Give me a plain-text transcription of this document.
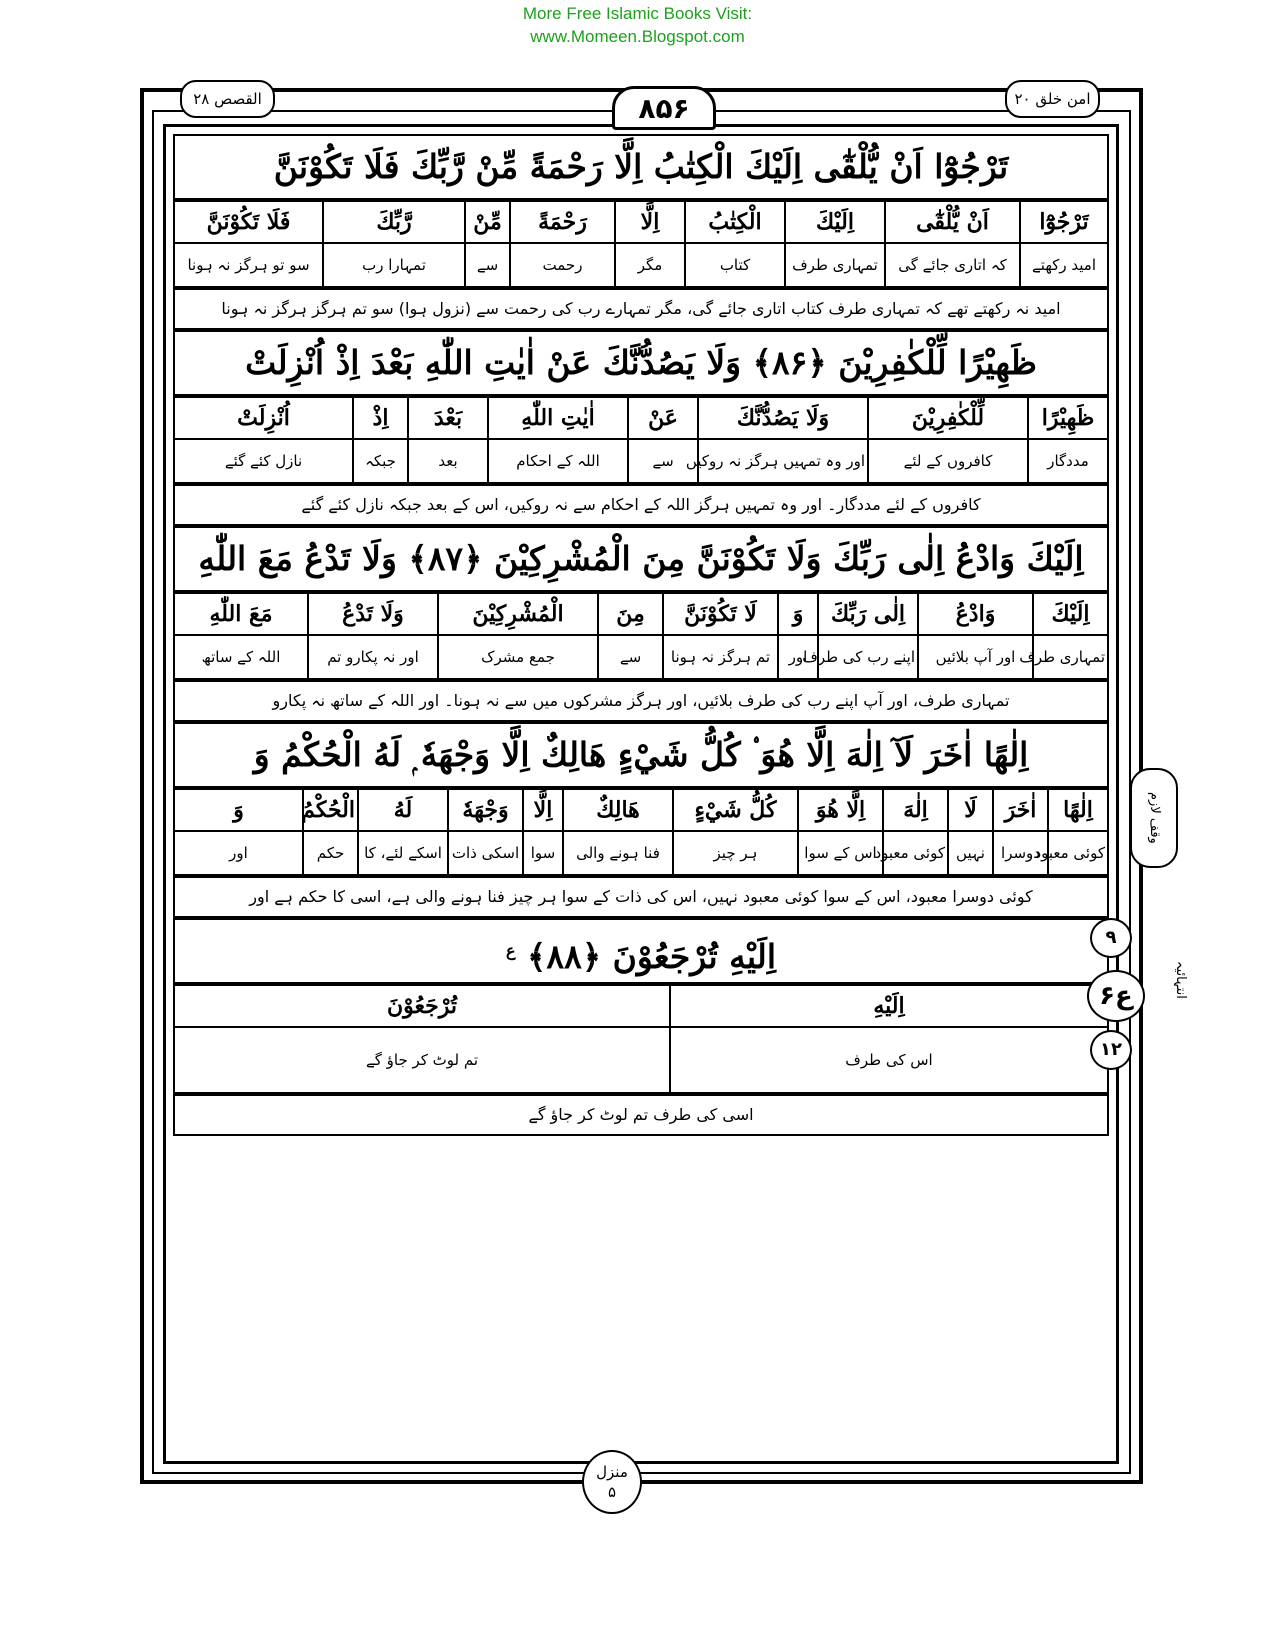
More Free Islamic Books Visit:
www.Momeen.Blogspot.com
القصص ۲۸	۸۵۶	امن خلق ۲۰
تَرْجُوْٓا اَنْ يُّلْقٰٓى اِلَيْكَ الْكِتٰبُ اِلَّا رَحْمَةً مِّنْ رَّبِّكَ فَلَا تَكُوْنَنَّ
تَرْجُوْٓا	اَنْ يُّلْقٰٓى	اِلَيْكَ	الْكِتٰبُ	اِلَّا	رَحْمَةً	مِّنْ	رَّبِّكَ	فَلَا تَكُوْنَنَّ
امید رکھتے	کہ اتاری جائے گی	تمہاری طرف	کتاب	مگر	رحمت	سے	تمہارا رب	سو تو ہرگز نہ ہونا
امید نہ رکھتے تھے کہ تمہاری طرف کتاب اتاری جائے گی، مگر تمہارے رب کی رحمت سے (نزول ہوا) سو تم ہرگز ہرگز نہ ہونا
ظَهِيْرًا لِّلْكٰفِرِيْنَ ﴿۸۶﴾ وَلَا يَصُدُّنَّكَ عَنْ اٰيٰتِ اللّٰهِ بَعْدَ اِذْ اُنْزِلَتْ
ظَهِيْرًا	لِّلْكٰفِرِيْنَ	وَلَا يَصُدُّنَّكَ	عَنْ	اٰيٰتِ اللّٰهِ	بَعْدَ	اِذْ	اُنْزِلَتْ
مددگار	کافروں کے لئے	اور وہ تمہیں ہرگز نہ روکیں	سے	اللہ کے احکام	بعد	جبکہ	نازل کئے گئے
کافروں کے لئے مددگار۔ اور وہ تمہیں ہرگز اللہ کے احکام سے نہ روکیں، اس کے بعد جبکہ نازل کئے گئے
اِلَيْكَ وَادْعُ اِلٰى رَبِّكَ وَلَا تَكُوْنَنَّ مِنَ الْمُشْرِكِيْنَ ﴿۸۷﴾ وَلَا تَدْعُ مَعَ اللّٰهِ
اِلَيْكَ	وَادْعُ	اِلٰى رَبِّكَ	وَ	لَا تَكُوْنَنَّ	مِنَ	الْمُشْرِكِيْنَ	وَلَا تَدْعُ	مَعَ اللّٰهِ
تمہاری طرف	اور آپ بلائیں	اپنے رب کی طرف	اور	تم ہرگز نہ ہونا	سے	جمع مشرک	اور نہ پکارو تم	اللہ کے ساتھ
تمہاری طرف، اور آپ اپنے رب کی طرف بلائیں، اور ہرگز مشرکوں میں سے نہ ہونا۔ اور اللہ کے ساتھ نہ پکارو
اِلٰهًا اٰخَرَ لَآ اِلٰهَ اِلَّا هُوَ ۟ كُلُّ شَيْءٍ هَالِكٌ اِلَّا وَجْهَهٗ ۭ لَهُ الْحُكْمُ وَ
اِلٰهًا	اٰخَرَ	لَا	اِلٰهَ	اِلَّا هُوَ	كُلُّ شَيْءٍ	هَالِكٌ	اِلَّا	وَجْهَهٗ	لَهُ	الْحُكْمُ	وَ
کوئی معبود	دوسرا	نہیں	کوئی معبود	اس کے سوا	ہر چیز	فنا ہونے والی	سوا	اسکی ذات	اسکے لئے، کا	حکم	اور
کوئی دوسرا معبود، اس کے سوا کوئی معبود نہیں، اس کی ذات کے سوا ہر چیز فنا ہونے والی ہے، اسی کا حکم ہے اور
اِلَيْهِ تُرْجَعُوْنَ ﴿۸۸﴾ $^ع$
اِلَيْهِ	تُرْجَعُوْنَ
اس کی طرف	تم لوٹ کر جاؤ گے
اسی کی طرف تم لوٹ کر جاؤ گے
وقف لازم
۹
ع۶
۱۲
انتہائیہ
منزل
۵
